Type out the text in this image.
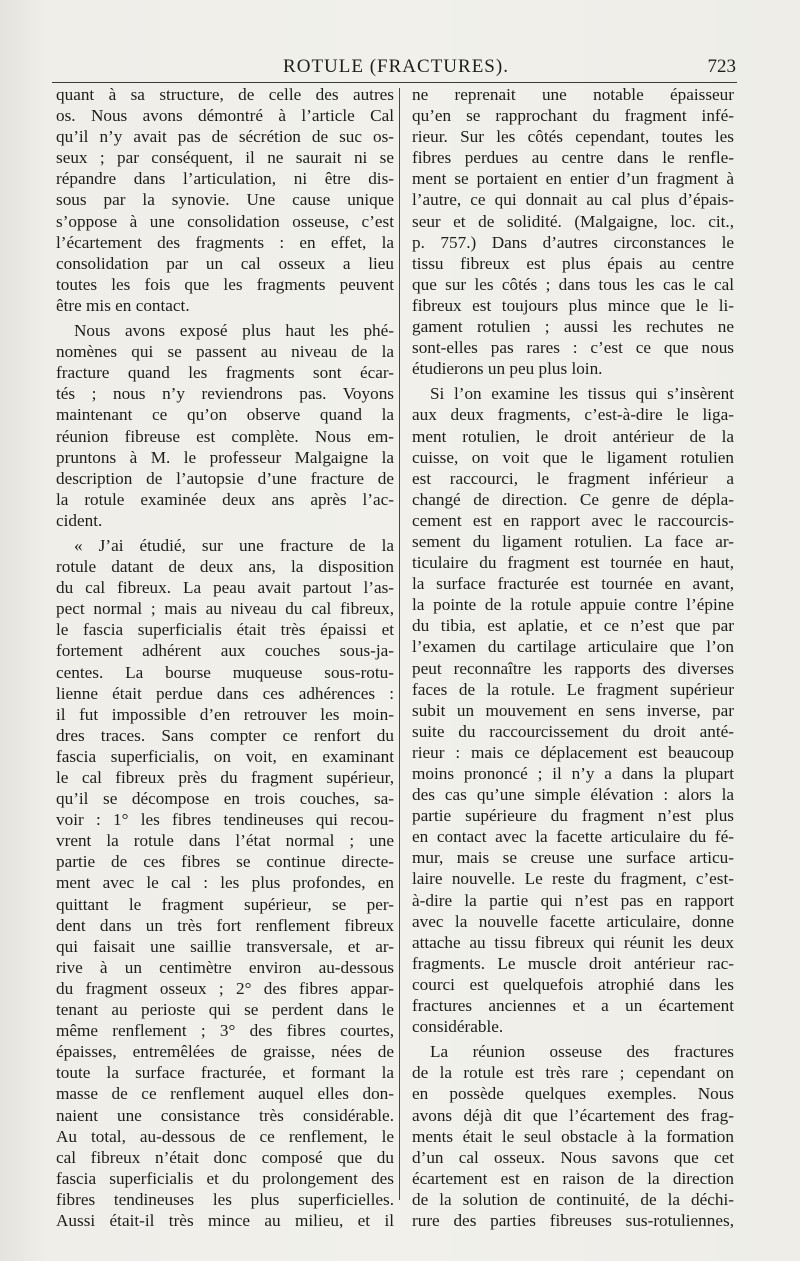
ROTULE (FRACTURES).	723
quant à sa structure, de celle des autres
os. Nous avons démontré à l’article Cal
qu’il n’y avait pas de sécrétion de suc os-
seux ; par conséquent, il ne saurait ni se
répandre dans l’articulation, ni être dis-
sous par la synovie. Une cause unique
s’oppose à une consolidation osseuse, c’est
l’écartement des fragments : en effet, la
consolidation par un cal osseux a lieu
toutes les fois que les fragments peuvent
être mis en contact.
Nous avons exposé plus haut les phé-
nomènes qui se passent au niveau de la
fracture quand les fragments sont écar-
tés ; nous n’y reviendrons pas. Voyons
maintenant ce qu’on observe quand la
réunion fibreuse est complète. Nous em-
pruntons à M. le professeur Malgaigne la
description de l’autopsie d’une fracture de
la rotule examinée deux ans après l’ac-
cident.
« J’ai étudié, sur une fracture de la
rotule datant de deux ans, la disposition
du cal fibreux. La peau avait partout l’as-
pect normal ; mais au niveau du cal fibreux,
le fascia superficialis était très épaissi et
fortement adhérent aux couches sous-ja-
centes. La bourse muqueuse sous-rotu-
lienne était perdue dans ces adhérences :
il fut impossible d’en retrouver les moin-
dres traces. Sans compter ce renfort du
fascia superficialis, on voit, en examinant
le cal fibreux près du fragment supérieur,
qu’il se décompose en trois couches, sa-
voir : 1° les fibres tendineuses qui recou-
vrent la rotule dans l’état normal ; une
partie de ces fibres se continue directe-
ment avec le cal : les plus profondes, en
quittant le fragment supérieur, se per-
dent dans un très fort renflement fibreux
qui faisait une saillie transversale, et ar-
rive à un centimètre environ au-dessous
du fragment osseux ; 2° des fibres appar-
tenant au perioste qui se perdent dans le
même renflement ; 3° des fibres courtes,
épaisses, entremêlées de graisse, nées de
toute la surface fracturée, et formant la
masse de ce renflement auquel elles don-
naient une consistance très considérable.
Au total, au-dessous de ce renflement, le
cal fibreux n’était donc composé que du
fascia superficialis et du prolongement des
fibres tendineuses les plus superficielles.
Aussi était-il très mince au milieu, et il
ne reprenait une notable épaisseur
qu’en se rapprochant du fragment infé-
rieur. Sur les côtés cependant, toutes les
fibres perdues au centre dans le renfle-
ment se portaient en entier d’un fragment à
l’autre, ce qui donnait au cal plus d’épais-
seur et de solidité. (Malgaigne, loc. cit.,
p. 757.) Dans d’autres circonstances le
tissu fibreux est plus épais au centre
que sur les côtés ; dans tous les cas le cal
fibreux est toujours plus mince que le li-
gament rotulien ; aussi les rechutes ne
sont-elles pas rares : c’est ce que nous
étudierons un peu plus loin.
Si l’on examine les tissus qui s’insèrent
aux deux fragments, c’est-à-dire le liga-
ment rotulien, le droit antérieur de la
cuisse, on voit que le ligament rotulien
est raccourci, le fragment inférieur a
changé de direction. Ce genre de dépla-
cement est en rapport avec le raccourcis-
sement du ligament rotulien. La face ar-
ticulaire du fragment est tournée en haut,
la surface fracturée est tournée en avant,
la pointe de la rotule appuie contre l’épine
du tibia, est aplatie, et ce n’est que par
l’examen du cartilage articulaire que l’on
peut reconnaître les rapports des diverses
faces de la rotule. Le fragment supérieur
subit un mouvement en sens inverse, par
suite du raccourcissement du droit anté-
rieur : mais ce déplacement est beaucoup
moins prononcé ; il n’y a dans la plupart
des cas qu’une simple élévation : alors la
partie supérieure du fragment n’est plus
en contact avec la facette articulaire du fé-
mur, mais se creuse une surface articu-
laire nouvelle. Le reste du fragment, c’est-
à-dire la partie qui n’est pas en rapport
avec la nouvelle facette articulaire, donne
attache au tissu fibreux qui réunit les deux
fragments. Le muscle droit antérieur rac-
courci est quelquefois atrophié dans les
fractures anciennes et a un écartement
considérable.
La réunion osseuse des fractures
de la rotule est très rare ; cependant on
en possède quelques exemples. Nous
avons déjà dit que l’écartement des frag-
ments était le seul obstacle à la formation
d’un cal osseux. Nous savons que cet
écartement est en raison de la direction
de la solution de continuité, de la déchi-
rure des parties fibreuses sus-rotuliennes,
